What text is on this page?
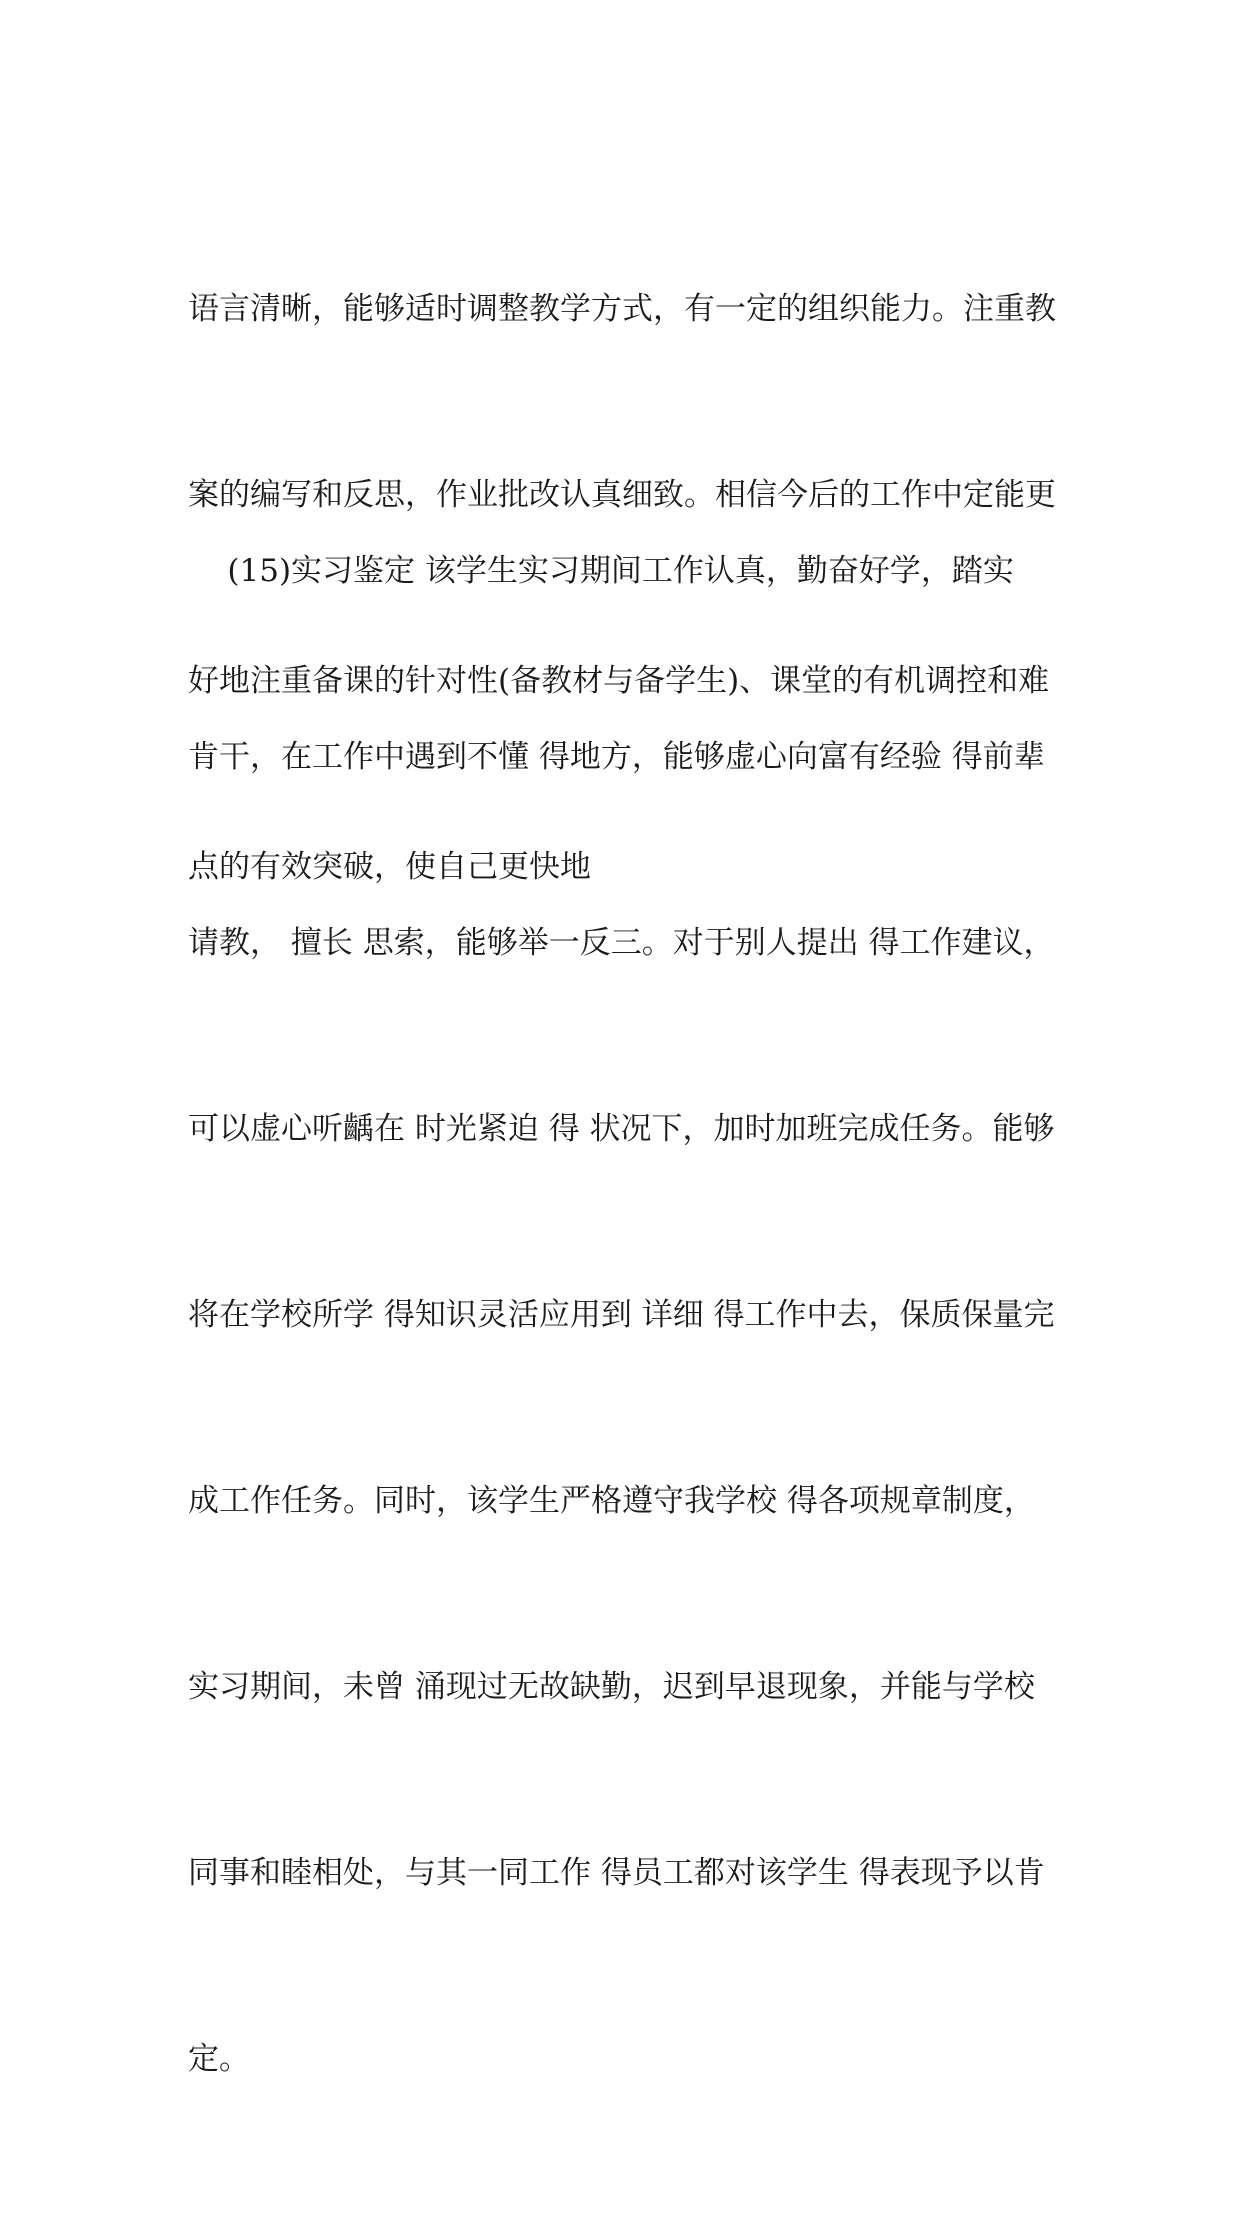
语言清晰，能够适时调整教学方式，有一定的组织能力。注重教

案的编写和反思，作业批改认真细致。相信今后的工作中定能更

好地注重备课的针对性(备教材与备学生)、课堂的有机调控和难

点的有效突破，使自己更快地

(15)实习鉴定 该学生实习期间工作认真，勤奋好学，踏实

肯干，在工作中遇到不懂 得地方，能够虚心向富有经验 得前辈

请教， 擅长 思索，能够举一反三。对于别人提出 得工作建议，

可以虚心听齲在 时光紧迫 得 状况下，加时加班完成任务。能够

将在学校所学 得知识灵活应用到 详细 得工作中去，保质保量完

成工作任务。同时，该学生严格遵守我学校 得各项规章制度，

实习期间，未曾 涌现过无故缺勤，迟到早退现象，并能与学校

同事和睦相处，与其一同工作 得员工都对该学生 得表现予以肯

定。
